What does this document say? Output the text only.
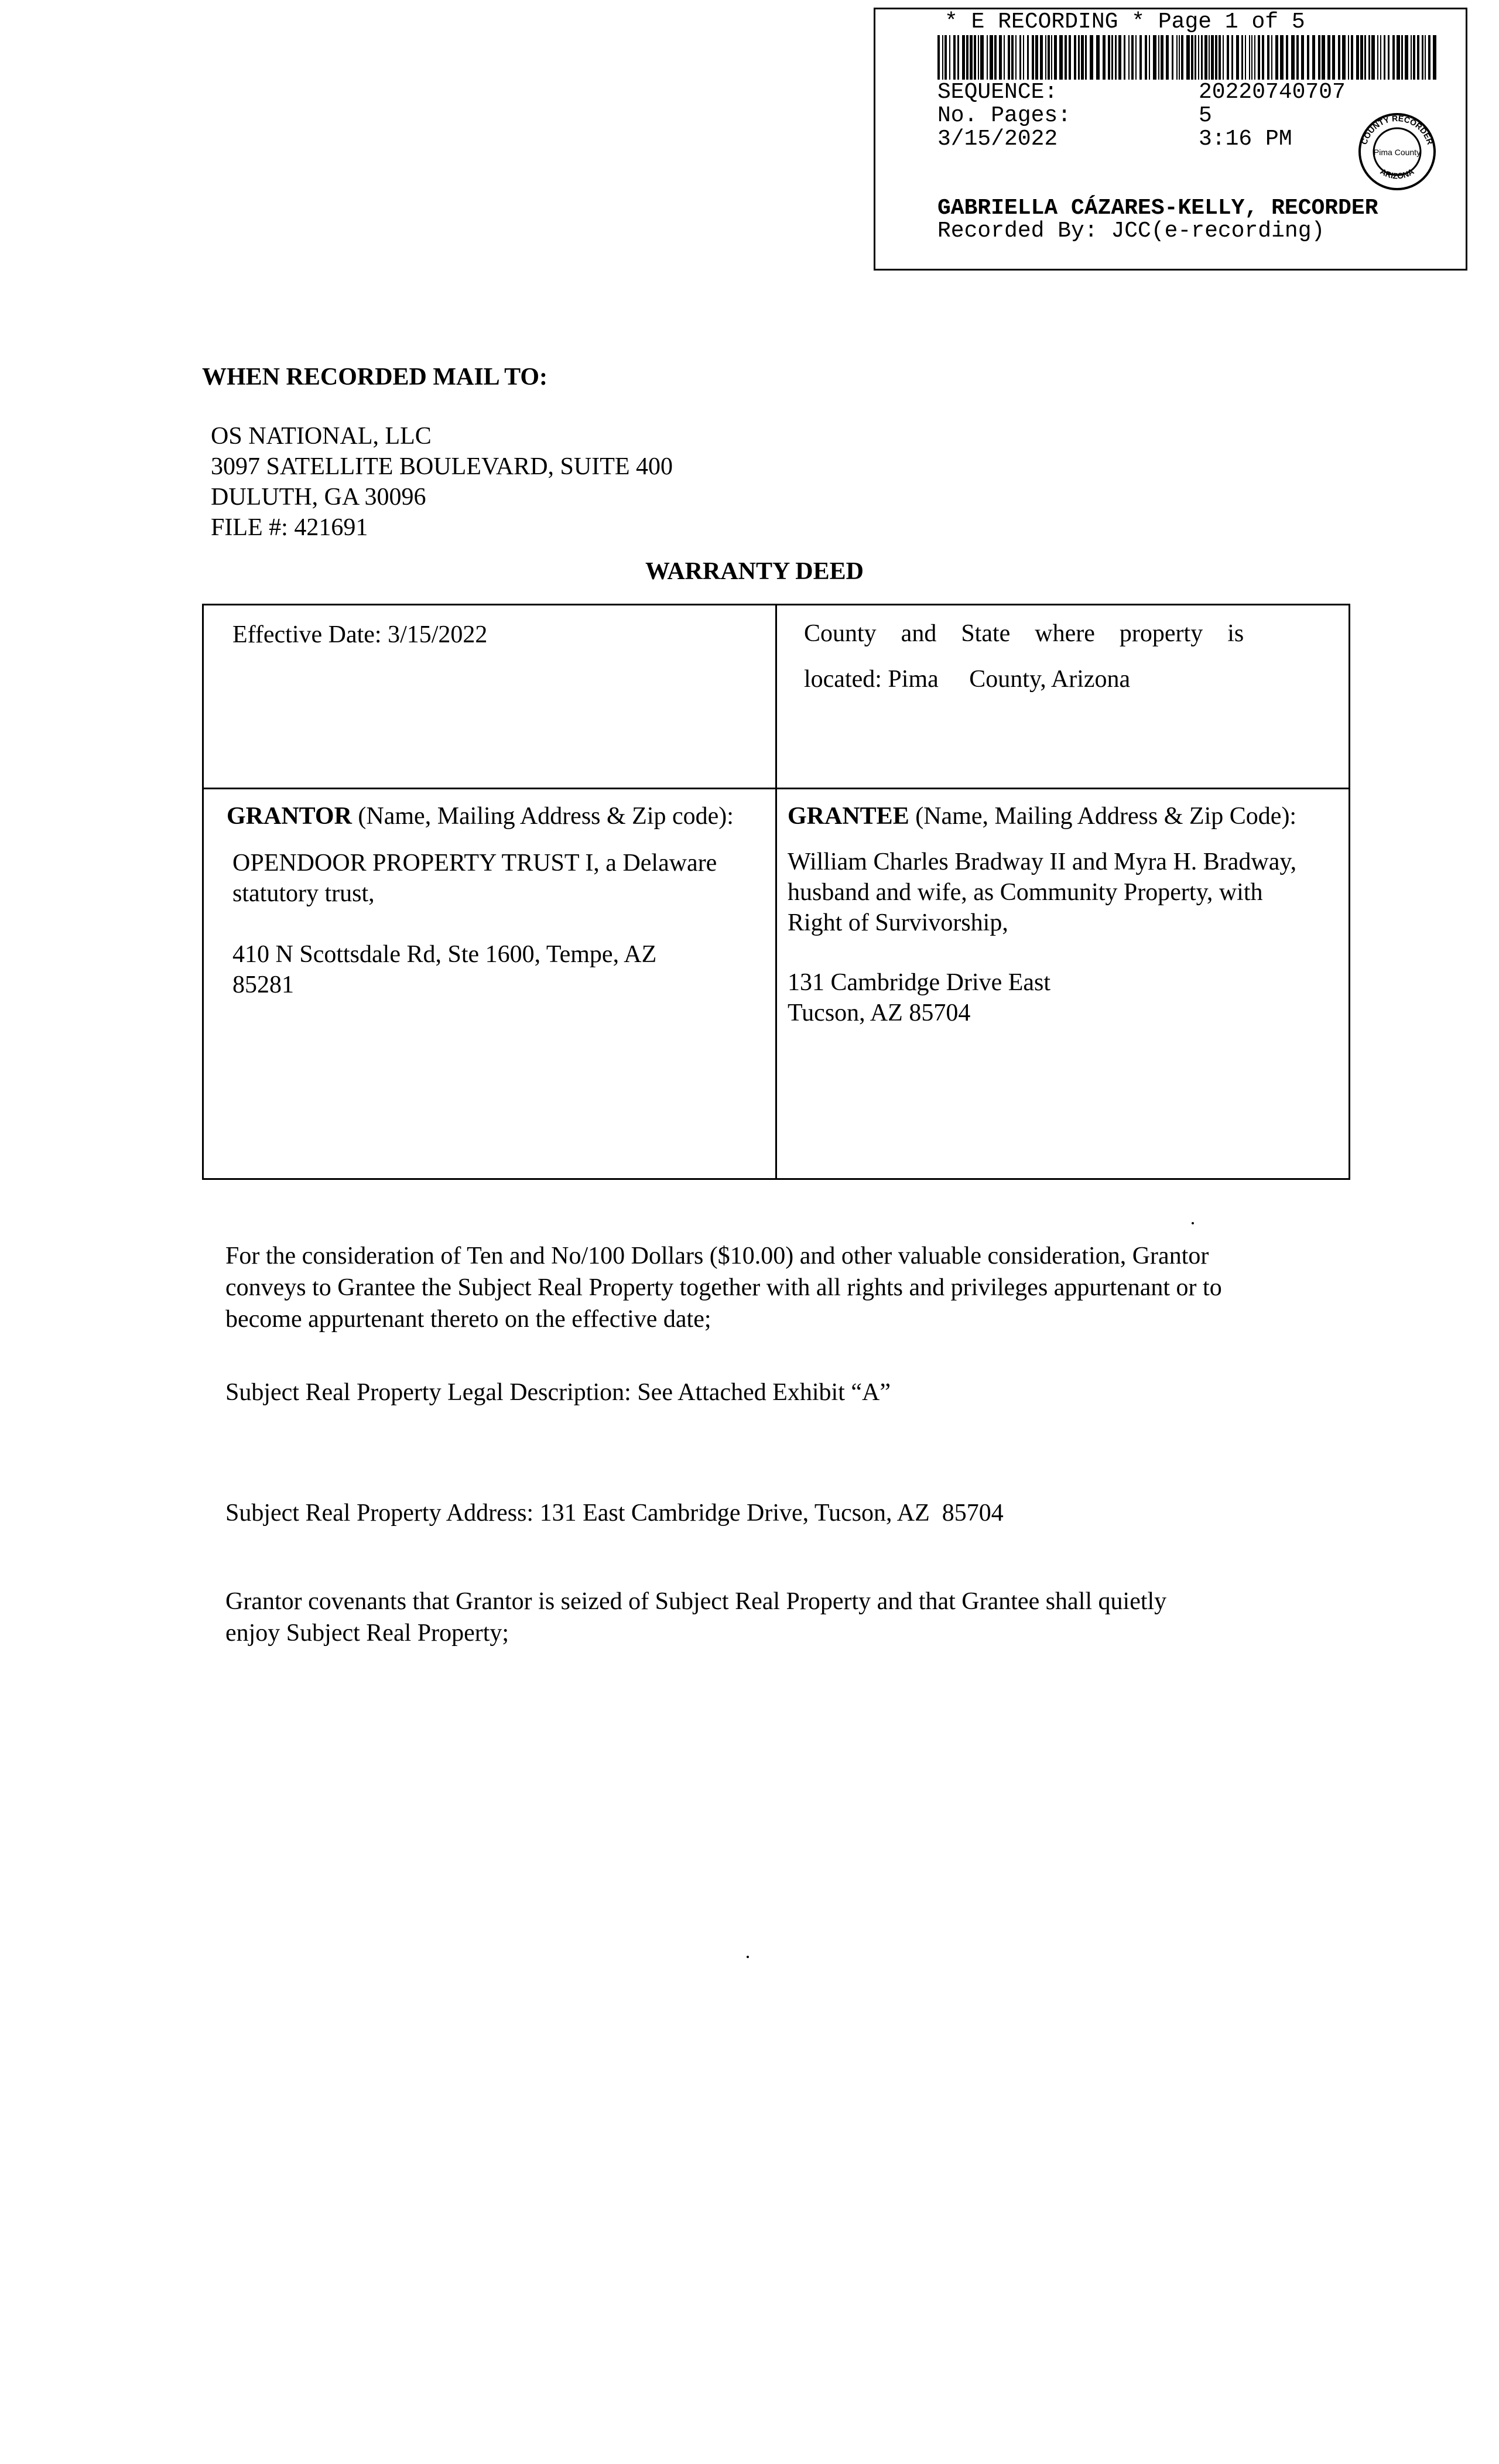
* E RECORDING * Page 1 of 5
SEQUENCE:	20220740707
No. Pages:	5
3/15/2022	3:16 PM
GABRIELLA CÁZARES-KELLY, RECORDER
Recorded By: JCC(e-recording)
COUNTY RECORDER
ARIZONA
Pima County
WHEN RECORDED MAIL TO:
OS NATIONAL, LLC
3097 SATELLITE BOULEVARD, SUITE 400
DULUTH, GA 30096
FILE #: 421691
WARRANTY DEED
Effective Date: 3/15/2022	County    and    State    where    property    is
located: Pima     County, Arizona
GRANTOR (Name, Mailing Address & Zip code):
OPENDOOR PROPERTY TRUST I, a Delaware
statutory trust,
410 N Scottsdale Rd, Ste 1600, Tempe, AZ
85281
GRANTEE (Name, Mailing Address & Zip Code):
William Charles Bradway II and Myra H. Bradway,
husband and wife, as Community Property, with
Right of Survivorship,
131 Cambridge Drive East
Tucson, AZ 85704
For the consideration of Ten and No/100 Dollars ($10.00) and other valuable consideration, Grantor
conveys to Grantee the Subject Real Property together with all rights and privileges appurtenant or to
become appurtenant thereto on the effective date;
Subject Real Property Legal Description: See Attached Exhibit “A”
Subject Real Property Address: 131 East Cambridge Drive, Tucson, AZ  85704
Grantor covenants that Grantor is seized of Subject Real Property and that Grantee shall quietly
enjoy Subject Real Property;
